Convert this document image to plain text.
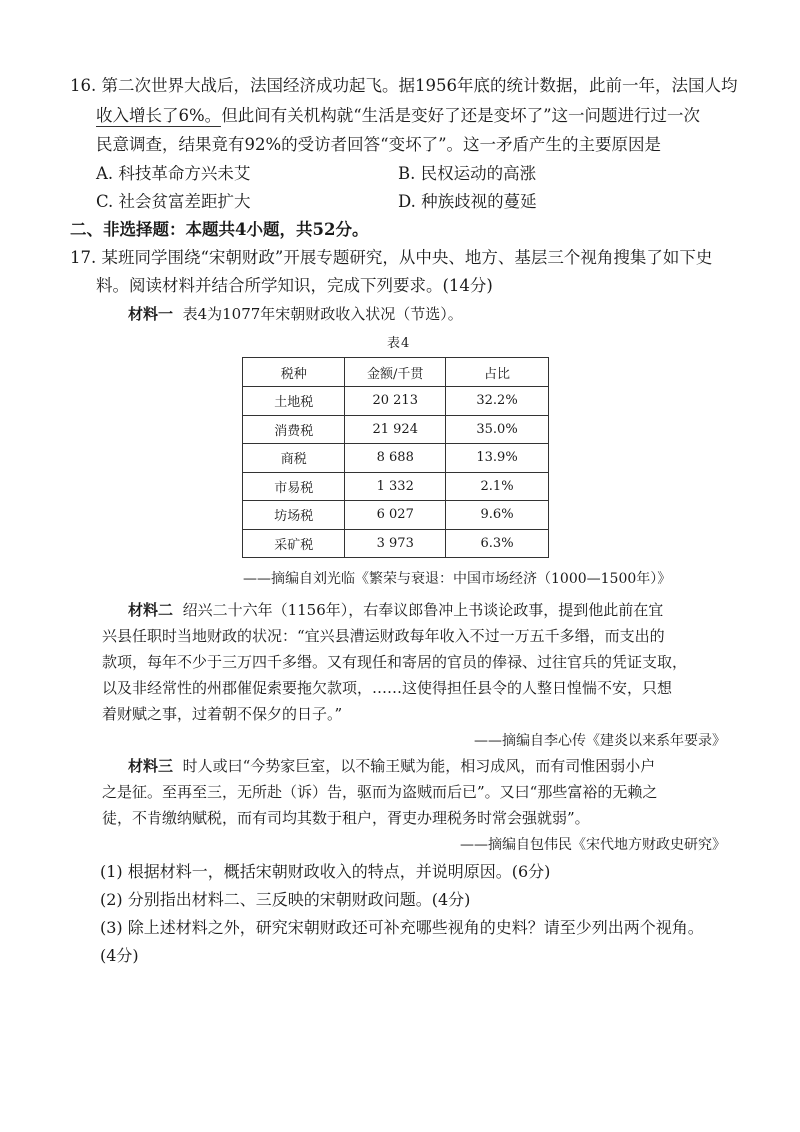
16. 第二次世界大战后，法国经济成功起飞。据1956年底的统计数据，此前一年，法国人均
收入增长了6%。但此间有关机构就“生活是变好了还是变坏了”这一问题进行过一次
民意调查，结果竟有92%的受访者回答“变坏了”。这一矛盾产生的主要原因是
A. 科技革命方兴未艾	B. 民权运动的高涨
C. 社会贫富差距扩大	D. 种族歧视的蔓延
二、非选择题：本题共4小题，共52分。
17. 某班同学围绕“宋朝财政”开展专题研究，从中央、地方、基层三个视角搜集了如下史
料。阅读材料并结合所学知识，完成下列要求。(14分)
材料一 表4为1077年宋朝财政收入状况（节选）。
表4
税种	金额/千贯	占比
土地税	20 213	32.2%
消费税	21 924	35.0%
商税	8 688	13.9%
市易税	1 332	2.1%
坊场税	6 027	9.6%
采矿税	3 973	6.3%
——摘编自刘光临《繁荣与衰退：中国市场经济（1000—1500年）》
材料二 绍兴二十六年（1156年），右奉议郎鲁冲上书谈论政事，提到他此前在宜
兴县任职时当地财政的状况：“宜兴县漕运财政每年收入不过一万五千多缗，而支出的
款项，每年不少于三万四千多缗。又有现任和寄居的官员的俸禄、过往官兵的凭证支取，
以及非经常性的州郡催促索要拖欠款项，……这使得担任县令的人整日惶惴不安，只想
着财赋之事，过着朝不保夕的日子。”
——摘编自李心传《建炎以来系年要录》
材料三 时人或曰“今势家巨室，以不输王赋为能，相习成风，而有司惟困弱小户
之是征。至再至三，无所赴（诉）告，驱而为盗贼而后已”。又曰“那些富裕的无赖之
徒，不肯缴纳赋税，而有司均其数于租户，胥吏办理税务时常会强就弱”。
——摘编自包伟民《宋代地方财政史研究》
(1) 根据材料一，概括宋朝财政收入的特点，并说明原因。(6分)
(2) 分别指出材料二、三反映的宋朝财政问题。(4分)
(3) 除上述材料之外，研究宋朝财政还可补充哪些视角的史料？请至少列出两个视角。
(4分)
